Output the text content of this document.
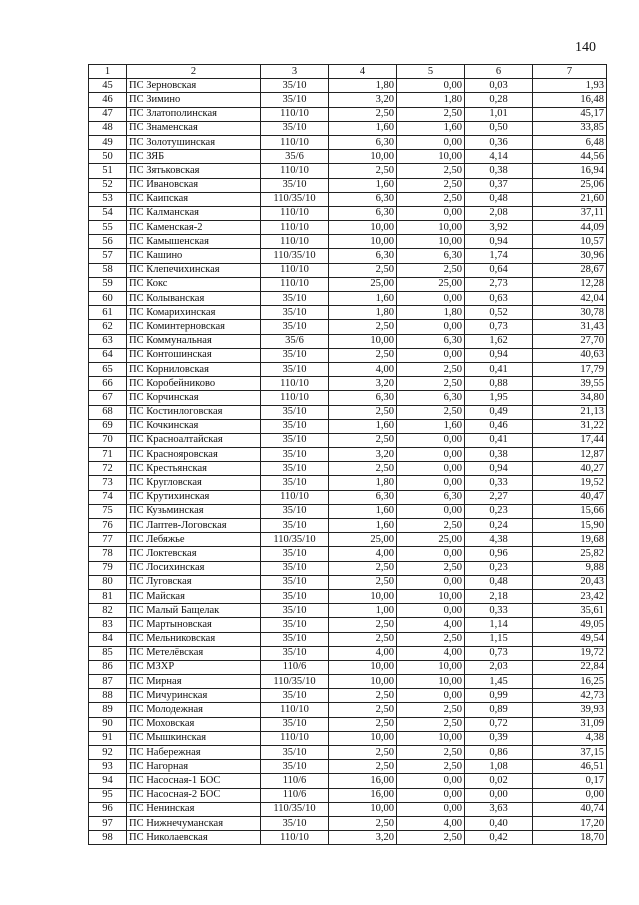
140
1	2	3	4	5	6	7
45	ПС Зерновская	35/10	1,80	0,00	0,03	1,93
46	ПС Зимино	35/10	3,20	1,80	0,28	16,48
47	ПС Златополинская	110/10	2,50	2,50	1,01	45,17
48	ПС Знаменская	35/10	1,60	1,60	0,50	33,85
49	ПС Золотушинская	110/10	6,30	0,00	0,36	6,48
50	ПС ЗЯБ	35/6	10,00	10,00	4,14	44,56
51	ПС Зятьковская	110/10	2,50	2,50	0,38	16,94
52	ПС Ивановская	35/10	1,60	2,50	0,37	25,06
53	ПС Каипская	110/35/10	6,30	2,50	0,48	21,60
54	ПС Калманская	110/10	6,30	0,00	2,08	37,11
55	ПС Каменская-2	110/10	10,00	10,00	3,92	44,09
56	ПС Камышенская	110/10	10,00	10,00	0,94	10,57
57	ПС Кашино	110/35/10	6,30	6,30	1,74	30,96
58	ПС Клепечихинская	110/10	2,50	2,50	0,64	28,67
59	ПС Кокс	110/10	25,00	25,00	2,73	12,28
60	ПС Колыванская	35/10	1,60	0,00	0,63	42,04
61	ПС Комарихинская	35/10	1,80	1,80	0,52	30,78
62	ПС Коминтерновская	35/10	2,50	0,00	0,73	31,43
63	ПС Коммунальная	35/6	10,00	6,30	1,62	27,70
64	ПС Контошинская	35/10	2,50	0,00	0,94	40,63
65	ПС Корниловская	35/10	4,00	2,50	0,41	17,79
66	ПС Коробейниково	110/10	3,20	2,50	0,88	39,55
67	ПС Корчинская	110/10	6,30	6,30	1,95	34,80
68	ПС Костинлоговская	35/10	2,50	2,50	0,49	21,13
69	ПС Кочкинская	35/10	1,60	1,60	0,46	31,22
70	ПС Красноалтайская	35/10	2,50	0,00	0,41	17,44
71	ПС Краснояровская	35/10	3,20	0,00	0,38	12,87
72	ПС Крестьянская	35/10	2,50	0,00	0,94	40,27
73	ПС Кругловская	35/10	1,80	0,00	0,33	19,52
74	ПС Крутихинская	110/10	6,30	6,30	2,27	40,47
75	ПС Кузьминская	35/10	1,60	0,00	0,23	15,66
76	ПС Лаптев-Логовская	35/10	1,60	2,50	0,24	15,90
77	ПС Лебяжье	110/35/10	25,00	25,00	4,38	19,68
78	ПС Локтевская	35/10	4,00	0,00	0,96	25,82
79	ПС Лосихинская	35/10	2,50	2,50	0,23	9,88
80	ПС Луговская	35/10	2,50	0,00	0,48	20,43
81	ПС Майская	35/10	10,00	10,00	2,18	23,42
82	ПС Малый Бащелак	35/10	1,00	0,00	0,33	35,61
83	ПС Мартыновская	35/10	2,50	4,00	1,14	49,05
84	ПС Мельниковская	35/10	2,50	2,50	1,15	49,54
85	ПС Метелёвская	35/10	4,00	4,00	0,73	19,72
86	ПС МЗХР	110/6	10,00	10,00	2,03	22,84
87	ПС Мирная	110/35/10	10,00	10,00	1,45	16,25
88	ПС Мичуринская	35/10	2,50	0,00	0,99	42,73
89	ПС Молодежная	110/10	2,50	2,50	0,89	39,93
90	ПС Моховская	35/10	2,50	2,50	0,72	31,09
91	ПС Мышкинская	110/10	10,00	10,00	0,39	4,38
92	ПС Набережная	35/10	2,50	2,50	0,86	37,15
93	ПС Нагорная	35/10	2,50	2,50	1,08	46,51
94	ПС Насосная-1 БОС	110/6	16,00	0,00	0,02	0,17
95	ПС Насосная-2 БОС	110/6	16,00	0,00	0,00	0,00
96	ПС Ненинская	110/35/10	10,00	0,00	3,63	40,74
97	ПС Нижнечуманская	35/10	2,50	4,00	0,40	17,20
98	ПС Николаевская	110/10	3,20	2,50	0,42	18,70
